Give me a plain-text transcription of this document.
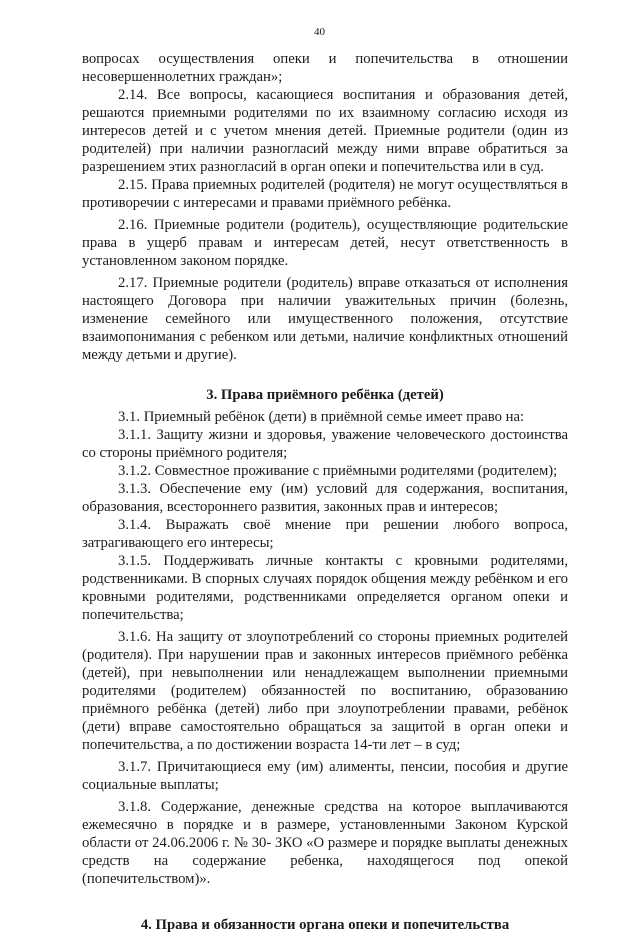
40

вопросах осуществления опеки и попечительства в отношении несовершеннолетних граждан»;

2.14. Все вопросы, касающиеся воспитания и образования детей, решаются приемными родителями по их взаимному согласию исходя из интересов детей и с учетом мнения детей. Приемные родители (один из родителей) при наличии разногласий между ними вправе обратиться за разрешением этих разногласий в орган опеки и попечительства или в суд.

2.15. Права приемных родителей (родителя) не могут осуществляться в противоречии с интересами и правами приёмного ребёнка.

2.16. Приемные родители (родитель), осуществляющие родительские права в ущерб правам и интересам детей, несут ответственность в установленном законом порядке.

2.17. Приемные родители (родитель) вправе отказаться от исполнения настоящего Договора при наличии уважительных причин (болезнь, изменение семейного или имущественного положения, отсутствие взаимопонимания с ребенком или детьми, наличие конфликтных отношений между детьми и другие).

3. Права приёмного ребёнка (детей)

3.1. Приемный ребёнок (дети) в приёмной семье имеет право на:

3.1.1. Защиту жизни и здоровья, уважение человеческого достоинства со стороны приёмного родителя;

3.1.2. Совместное проживание с приёмными родителями (родителем);

3.1.3. Обеспечение ему (им) условий для содержания, воспитания, образования, всестороннего развития, законных прав и интересов;

3.1.4. Выражать своё мнение при решении любого вопроса, затрагивающего его интересы;

3.1.5. Поддерживать личные контакты с кровными родителями, родственниками. В спорных случаях порядок общения между ребёнком и его кровными родителями, родственниками определяется органом опеки и попечительства;

3.1.6. На защиту от злоупотреблений со стороны приемных родителей (родителя). При нарушении прав и законных интересов приёмного ребёнка (детей), при невыполнении или ненадлежащем выполнении приемными родителями (родителем) обязанностей по воспитанию, образованию приёмного ребёнка (детей) либо при злоупотреблении правами, ребёнок (дети) вправе самостоятельно обращаться за защитой в орган опеки и попечительства, а по достижении возраста 14-ти лет – в суд;

3.1.7. Причитающиеся ему (им) алименты, пенсии, пособия и другие социальные выплаты;

3.1.8. Содержание, денежные средства на которое выплачиваются ежемесячно в порядке и в размере, установленными Законом Курской области от 24.06.2006 г. № 30- ЗКО «О размере и порядке выплаты денежных средств на содержание ребенка, находящегося под опекой (попечительством)».

4. Права и обязанности органа опеки и попечительства
